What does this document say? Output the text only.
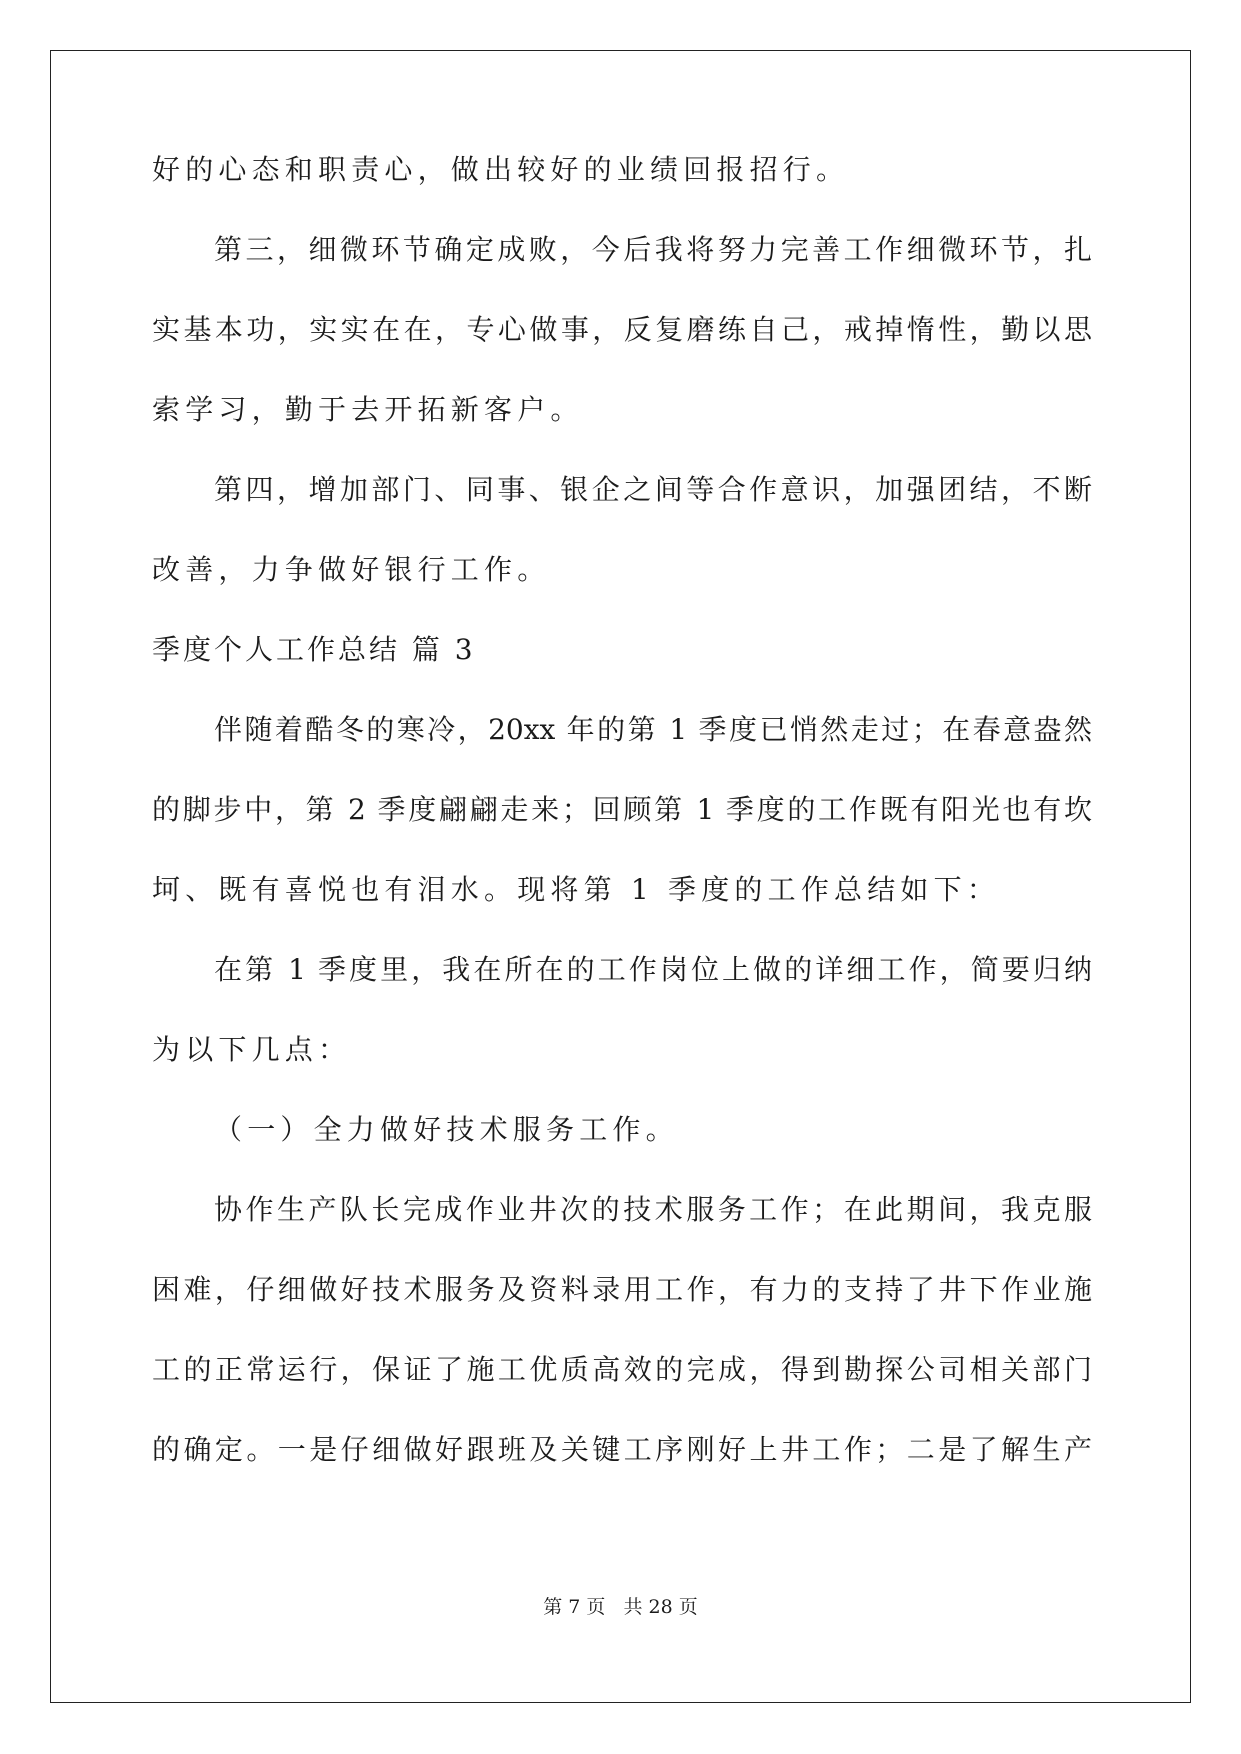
好的心态和职责心，做出较好的业绩回报招行。
第三，细微环节确定成败，今后我将努力完善工作细微环节，扎
实基本功，实实在在，专心做事，反复磨练自己，戒掉惰性，勤以思
索学习，勤于去开拓新客户。
第四，增加部门、同事、银企之间等合作意识，加强团结，不断
改善，力争做好银行工作。
季度个人工作总结 篇 3
伴随着酷冬的寒冷，20xx 年的第 1 季度已悄然走过；在春意盎然
的脚步中，第 2 季度翩翩走来；回顾第 1 季度的工作既有阳光也有坎
坷、既有喜悦也有泪水。现将第 1 季度的工作总结如下：
在第 1 季度里，我在所在的工作岗位上做的详细工作，简要归纳
为以下几点：
（一）全力做好技术服务工作。
协作生产队长完成作业井次的技术服务工作；在此期间，我克服
困难，仔细做好技术服务及资料录用工作，有力的支持了井下作业施
工的正常运行，保证了施工优质高效的完成，得到勘探公司相关部门
的确定。一是仔细做好跟班及关键工序刚好上井工作；二是了解生产
第 7 页   共 28 页
